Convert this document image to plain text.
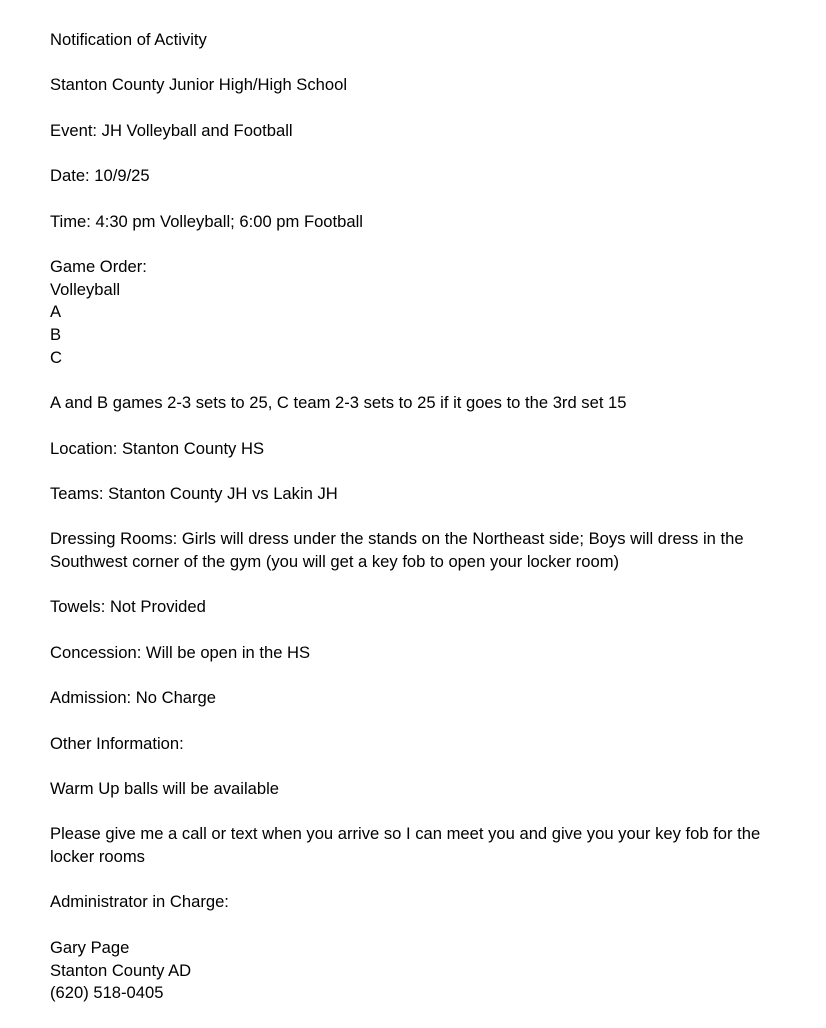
Notification of Activity

Stanton County Junior High/High School

Event: JH Volleyball and Football

Date: 10/9/25

Time: 4:30 pm Volleyball; 6:00 pm Football

Game Order:
Volleyball
A
B
C

A and B games 2-3 sets to 25, C team 2-3 sets to 25 if it goes to the 3rd set 15

Location: Stanton County HS

Teams: Stanton County JH vs Lakin JH

Dressing Rooms: Girls will dress under the stands on the Northeast side; Boys will dress in the Southwest corner of the gym (you will get a key fob to open your locker room)

Towels: Not Provided

Concession: Will be open in the HS

Admission: No Charge

Other Information:

Warm Up balls will be available

Please give me a call or text when you arrive so I can meet you and give you your key fob for the locker rooms

Administrator in Charge:

Gary Page
Stanton County AD
(620) 518-0405
